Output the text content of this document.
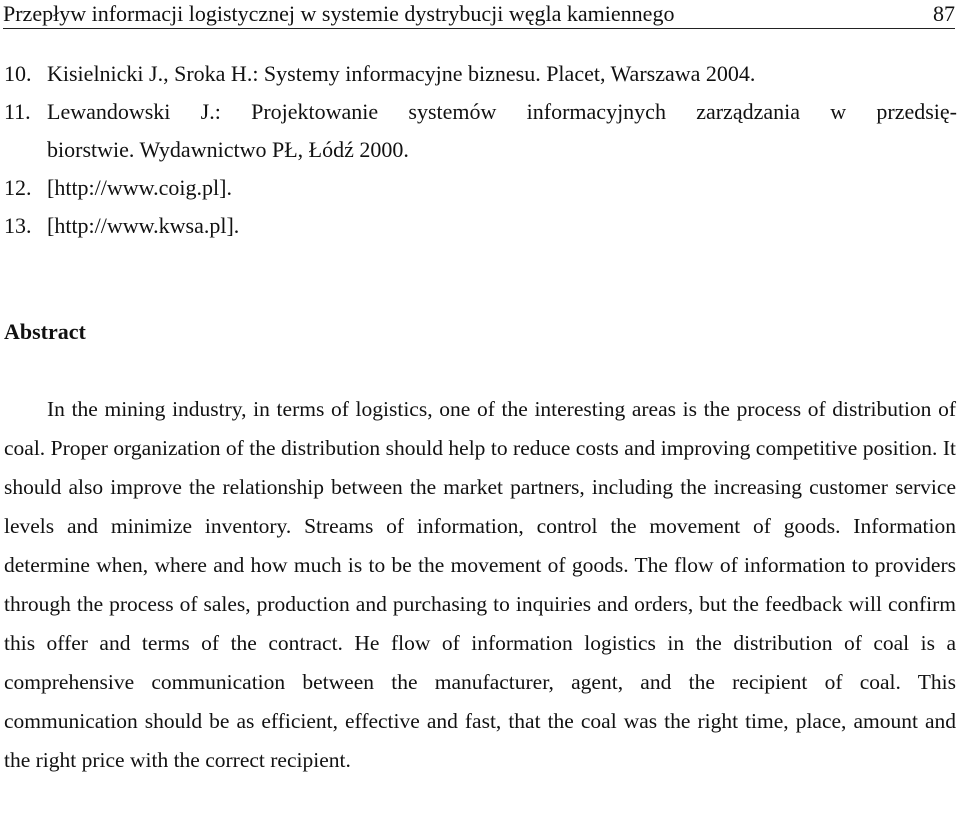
Przepływ informacji logistycznej w systemie dystrybucji węgla kamiennego	87
10. Kisielnicki J., Sroka H.: Systemy informacyjne biznesu. Placet, Warszawa 2004.
11. Lewandowski J.: Projektowanie systemów informacyjnych zarządzania w przedsię-
biorstwie. Wydawnictwo PŁ, Łódź 2000.
12. [http://www.coig.pl].
13. [http://www.kwsa.pl].
Abstract

In the mining industry, in terms of logistics, one of the interesting areas is the process of distribution of coal. Proper organization of the distribution should help to reduce costs and improving competitive position. It should also improve the relationship between the market partners, including the increasing customer service levels and minimize inventory. Streams of information, control the movement of goods. Information determine when, where and how much is to be the movement of goods. The flow of information to providers through the process of sales, production and purchasing to inquiries and orders, but the feedback will confirm this offer and terms of the contract. He flow of information logistics in the distribution of coal is a comprehensive communication between the manufacturer, agent, and the recipient of coal. This communication should be as efficient, effective and fast, that the coal was the right time, place, amount and the right price with the correct recipient.
